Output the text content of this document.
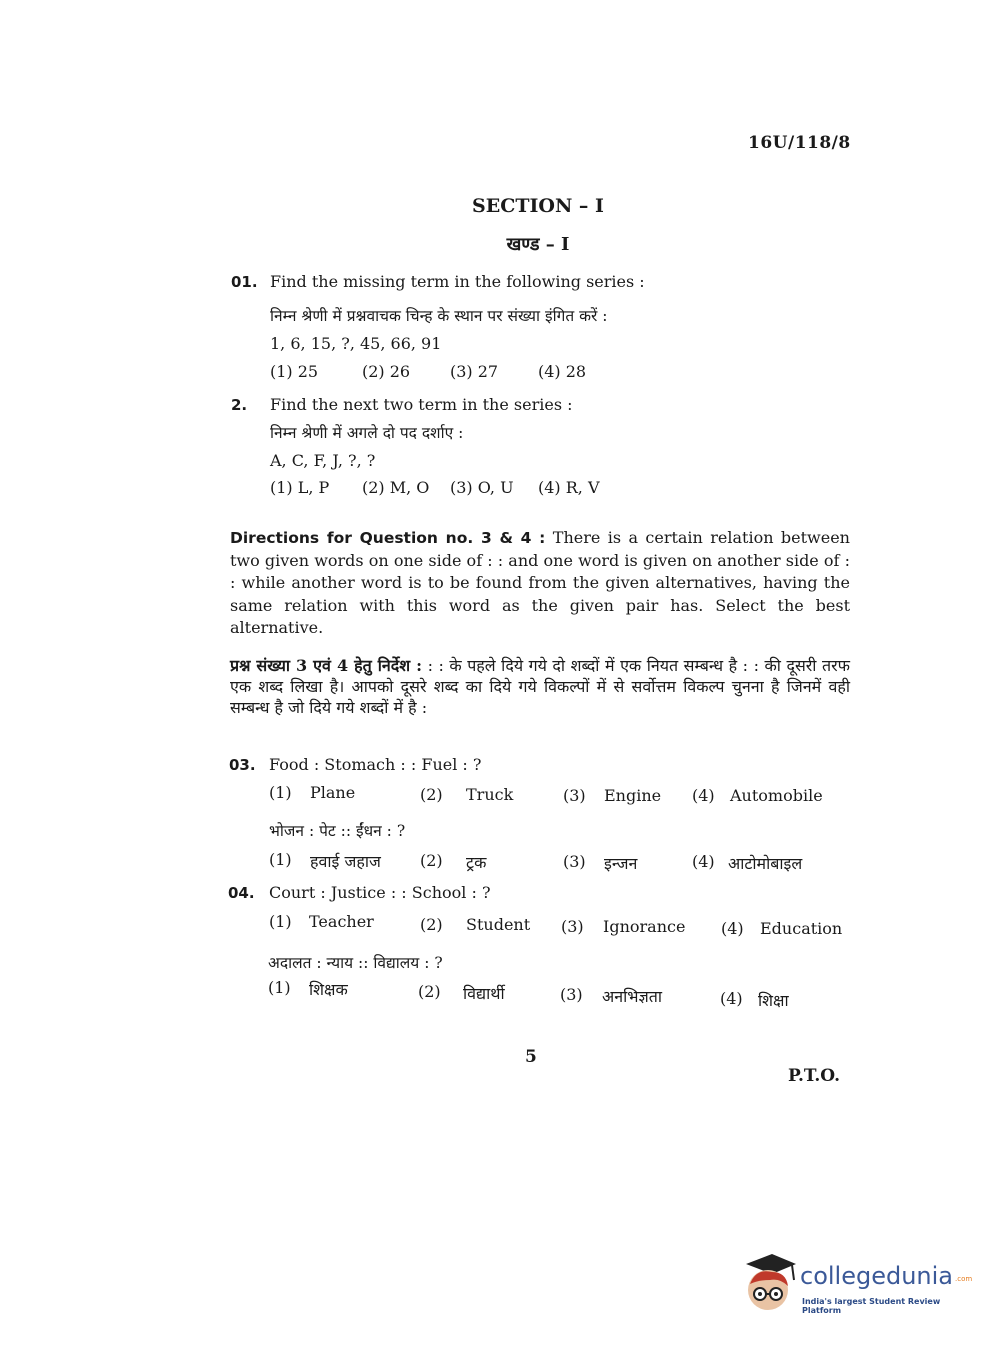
16U/118/8
SECTION – I
खण्ड – I
01. Find the missing term in the following series :
निम्न श्रेणी में प्रश्नवाचक चिन्ह के स्थान पर संख्या इंगित करें :
1, 6, 15, ?, 45, 66, 91
(1) 25	(2) 26 (3) 27 (4) 28
2. Find the next two term in the series :
निम्न श्रेणी में अगले दो पद दर्शाए :
A, C, F, J, ?, ?
(1) L, P (2) M, O (3) O, U (4) R, V
Directions for Question no. 3 & 4 : There is a certain relation between two given words on one side of : : and one word is given on another side of : : while another word is to be found from the given alternatives, having the same relation with this word as the given pair has. Select the best alternative.
प्रश्न संख्या 3 एवं 4 हेतु निर्देश : : : के पहले दिये गये दो शब्दों में एक नियत सम्बन्ध है : : की दूसरी तरफ एक शब्द लिखा है। आपको दूसरे शब्द का दिये गये विकल्पों में से सर्वोत्तम विकल्प चुनना है जिनमें वही सम्बन्ध है जो दिये गये शब्दों में है :
03. Food : Stomach : : Fuel : ?
(1) Plane	(2) Truck	(3) Engine (4) Automobile
भोजन : पेट :: ईंधन : ?
(1) हवाई जहाज (2) ट्रक	(3) इन्जन	(4) आटोमोबाइल
04. Court : Justice : : School : ?
(1) Teacher	(2) Student (3) Ignorance (4) Education
अदालत : न्याय :: विद्यालय : ?
(1) शिक्षक	(2) विद्यार्थी	(3) अनभिज्ञता	(4) शिक्षा
5
P.T.O.
collegedunia .com
India's largest Student Review Platform
